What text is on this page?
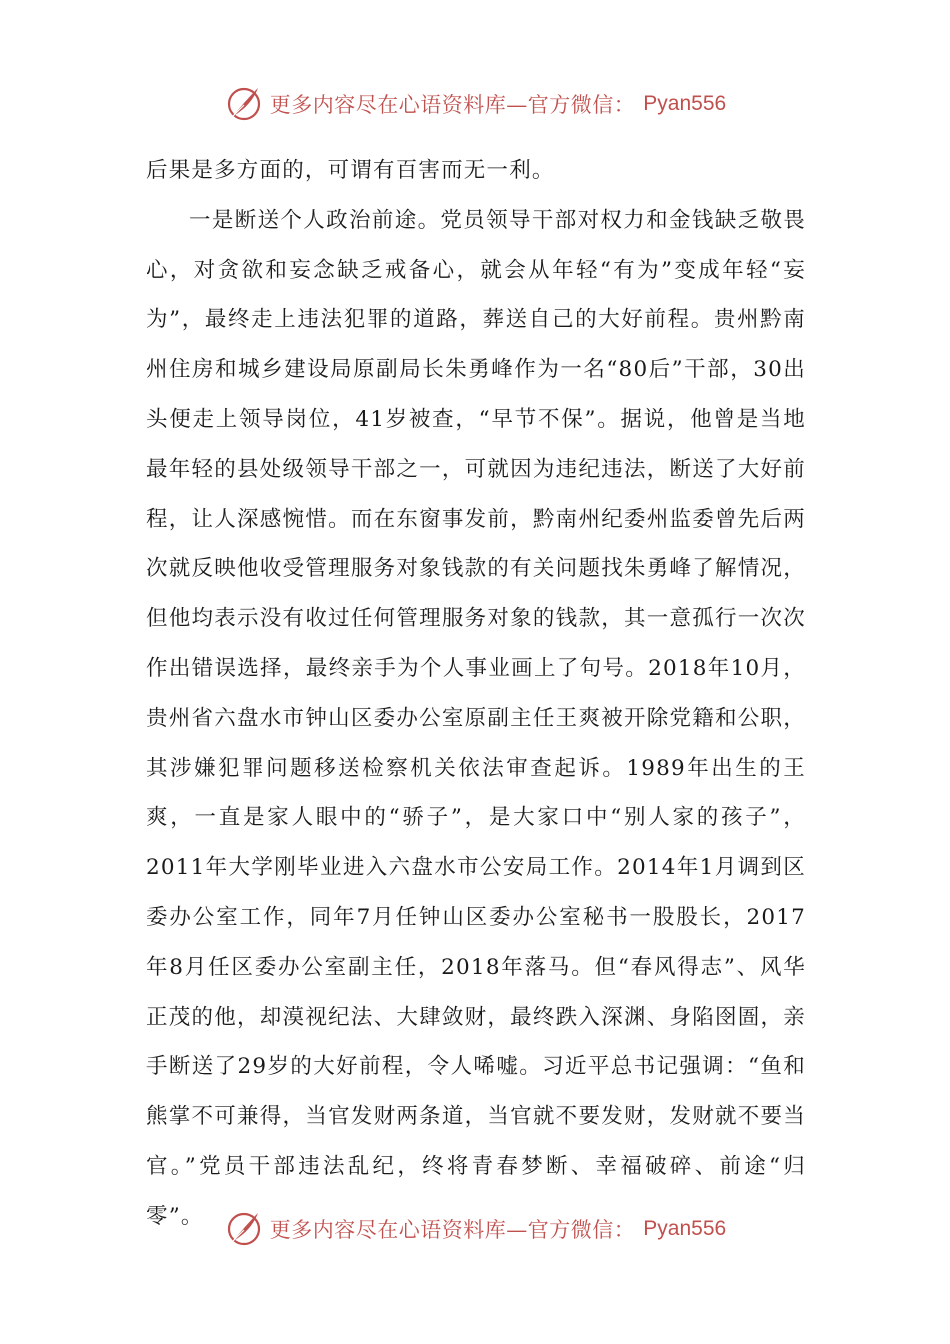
更多内容尽在心语资料库—官方微信： Pyan556

后果是多方面的，可谓有百害而无一利。

一是断送个人政治前途。党员领导干部对权力和金钱缺乏敬畏心，对贪欲和妄念缺乏戒备心，就会从年轻“有为”变成年轻“妄为”，最终走上违法犯罪的道路，葬送自己的大好前程。贵州黔南州住房和城乡建设局原副局长朱勇峰作为一名“80后”干部，30出头便走上领导岗位，41岁被查，“早节不保”。据说，他曾是当地最年轻的县处级领导干部之一，可就因为违纪违法，断送了大好前程，让人深感惋惜。而在东窗事发前，黔南州纪委州监委曾先后两次就反映他收受管理服务对象钱款的有关问题找朱勇峰了解情况，但他均表示没有收过任何管理服务对象的钱款，其一意孤行一次次作出错误选择，最终亲手为个人事业画上了句号。2018年10月，贵州省六盘水市钟山区委办公室原副主任王爽被开除党籍和公职，其涉嫌犯罪问题移送检察机关依法审查起诉。1989年出生的王爽，一直是家人眼中的“骄子”，是大家口中“别人家的孩子”，2011年大学刚毕业进入六盘水市公安局工作。2014年1月调到区委办公室工作，同年7月任钟山区委办公室秘书一股股长，2017年8月任区委办公室副主任，2018年落马。但“春风得志”、风华正茂的他，却漠视纪法、大肆敛财，最终跌入深渊、身陷囹圄，亲手断送了29岁的大好前程，令人唏嘘。习近平总书记强调：“鱼和熊掌不可兼得，当官发财两条道，当官就不要发财，发财就不要当官。”党员干部违法乱纪，终将青春梦断、幸福破碎、前途“归零”。

更多内容尽在心语资料库—官方微信： Pyan556
